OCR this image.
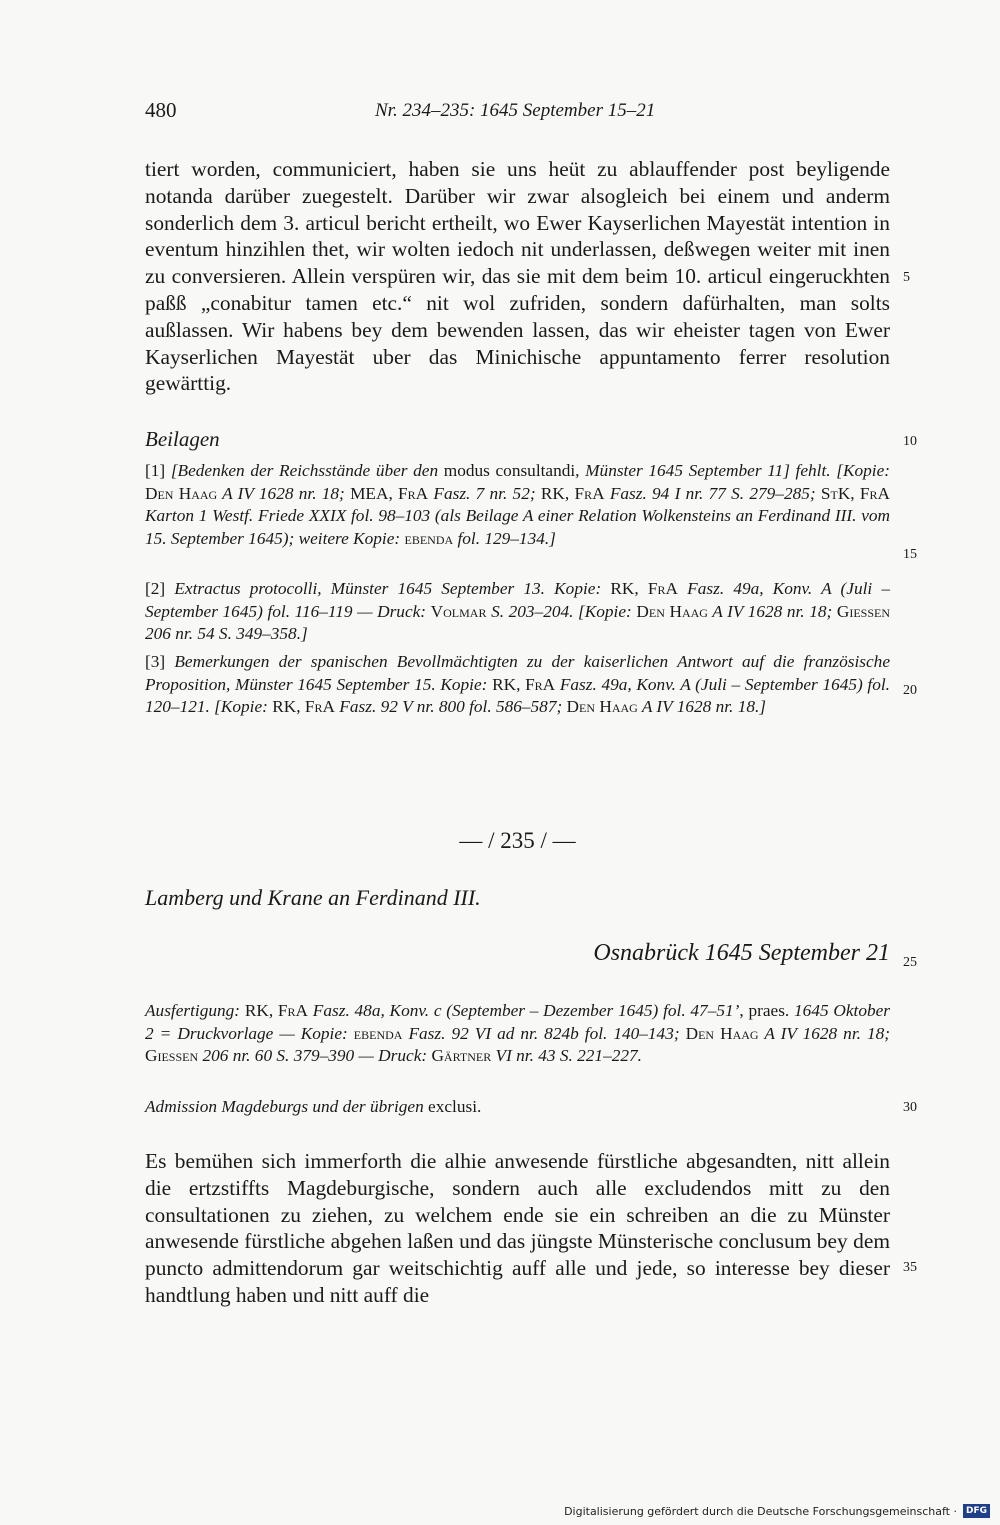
480	Nr. 234–235: 1645 September 15–21
tiert worden, communiciert, haben sie uns heüt zu ablauffender post beyligende notanda darüber zuegestelt. Darüber wir zwar alsogleich bei einem und anderm sonderlich dem 3. articul bericht ertheilt, wo Ewer Kayserlichen Mayestät intention in eventum hinzihlen thet, wir wolten iedoch nit underlassen, deßwegen weiter mit inen zu conversieren. Allein verspüren wir, das sie mit dem beim 10. articul eingeruckhten paßß „conabitur tamen etc.“ nit wol zufriden, sondern dafürhalten, man solts außlassen. Wir habens bey dem bewenden lassen, das wir eheister tagen von Ewer Kayserlichen Mayestät uber das Minichische appuntamento ferrer resolution gewärttig.
5
10
15
20
25
30
35
Beilagen
[1] [Bedenken der Reichsstände über den modus consultandi, Münster 1645 September 11] fehlt. [Kopie: Den Haag A IV 1628 nr. 18; MEA, FrA Fasz. 7 nr. 52; RK, FrA Fasz. 94 I nr. 77 S. 279–285; StK, FrA Karton 1 Westf. Friede XXIX fol. 98–103 (als Beilage A einer Relation Wolkensteins an Ferdinand III. vom 15. September 1645); weitere Kopie: ebenda fol. 129–134.]
[2] Extractus protocolli, Münster 1645 September 13. Kopie: RK, FrA Fasz. 49a, Konv. A (Juli – September 1645) fol. 116–119 — Druck: Volmar S. 203–204. [Kopie: Den Haag A IV 1628 nr. 18; Giessen 206 nr. 54 S. 349–358.]
[3] Bemerkungen der spanischen Bevollmächtigten zu der kaiserlichen Antwort auf die französische Proposition, Münster 1645 September 15. Kopie: RK, FrA Fasz. 49a, Konv. A (Juli – September 1645) fol. 120–121. [Kopie: RK, FrA Fasz. 92 V nr. 800 fol. 586–587; Den Haag A IV 1628 nr. 18.]
— / 235 / —
Lamberg und Krane an Ferdinand III.
Osnabrück 1645 September 21
Ausfertigung: RK, FrA Fasz. 48a, Konv. c (September – Dezember 1645) fol. 47–51’, praes. 1645 Oktober 2 = Druckvorlage — Kopie: ebenda Fasz. 92 VI ad nr. 824b fol. 140–143; Den Haag A IV 1628 nr. 18; Giessen 206 nr. 60 S. 379–390 — Druck: Gärtner VI nr. 43 S. 221–227.
Admission Magdeburgs und der übrigen exclusi.
Es bemühen sich immerforth die alhie anwesende fürstliche abgesandten, nitt allein die ertzstiffts Magdeburgische, sondern auch alle excludendos mitt zu den consultationen zu ziehen, zu welchem ende sie ein schreiben an die zu Münster anwesende fürstliche abgehen laßen und das jüngste Münsterische conclusum bey dem puncto admittendorum gar weitschichtig auff alle und jede, so interesse bey dieser handtlung haben und nitt auff die
Digitalisierung gefördert durch die Deutsche Forschungsgemeinschaft ·	DFG
